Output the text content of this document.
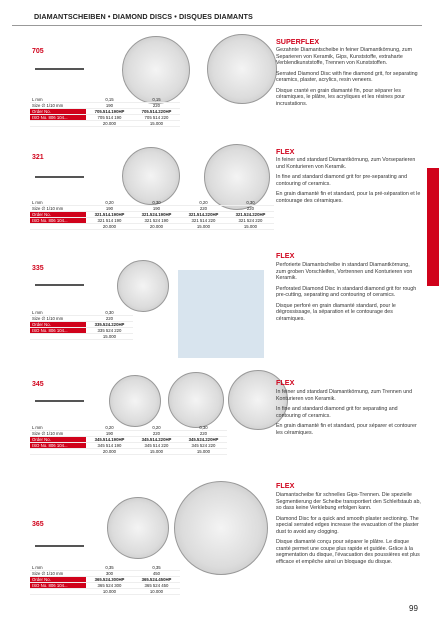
DIAMANTSCHEIBEN • DIAMOND DISCS • DISQUES DIAMANTS
705
L mm	0,15	0,15
Size ∅ 1/10 mm	190	220
Order No.	705.514.190HP	705.514.220HP
ISO No. 806 104...	705 514 190	705 514 220
20.000	15.000
SUPERFLEX

Gezahnte Diamantscheibe in feiner Diamantkörnung, zum Separieren von Keramik, Gips, Kunststoffe, extraharte Verblendkunststoffe, Trennen von Kunststoffen.

Serrated Diamond Disc with fine diamond grit, for separating ceramics, plaster, acrylics, resin veneers.

Disque cranté en grain diamanté fin, pour séparer les céramiques, le plâtre, les acryliques et les résines pour incrustations.

321
L mm	0,20	0,30	0,20	0,30
Size ∅ 1/10 mm	190	190	220	220
Order No.	321.514.190HP	321.524.190HP	321.514.220HP	321.524.220HP
ISO No. 806 104...	321 514 190	321 524 190	321 514 220	321 524 220
20.000	20.000	15.000	15.000
FLEX

In feiner und standard Diamantkörnung, zum Vorseparieren und Konturieren von Keramik.

In fine and standard diamond grit for pre-separating and contouring of ceramics.

En grain diamanté fin et standard, pour la pré-séparation et le contourage des céramiques.

335
L mm	0,30
Size ∅ 1/10 mm	220
Order No.	335.524.220HP
ISO No. 806 104...	335 524 220
15.000
FLEX

Perforierte Diamantscheibe in standard Diamantkörnung, zum groben Vorschleifen, Vortrennen und Konturieren von Keramik.

Perforated Diamond Disc in standard diamond grit for rough pre-cutting, separating and contouring of ceramics.

Disque perforé en grain diamanté standard, pour le dégrossissage, la séparation et le contourage des céramiques.

345
L mm	0,20	0,20	0,30
Size ∅ 1/10 mm	190	220	220
Order No.	345.514.190HP	345.514.220HP	345.524.220HP
ISO No. 806 104...	345 514 190	345 514 220	345 524 220
20.000	15.000	15.000
FLEX

In feiner und standard Diamantkörnung, zum Trennen und Konturieren von Keramik.

In fine and standard diamond grit for separating and contouring of ceramics.

En grain diamanté fin et standard, pour séparer et contourer les céramiques.

365
L mm	0,35	0,35
Size ∅ 1/10 mm	300	450
Order No.	365.524.300HP	365.524.450HP
ISO No. 806 104...	365 524 300	365 524 450
10.000	10.000
FLEX

Diamantscheibe für schnelles Gips-Trennen. Die spezielle Segmentierung der Scheibe transportiert den Schleifstaub ab, so dass keine Verklebung erfolgen kann.

Diamond Disc for a quick and smooth plaster sectioning. The special serrated edges increase the evacuation of the plaster dust to avoid any clogging.

Disque diamanté conçu pour séparer le plâtre. Le disque cranté permet une coupe plus rapide et guidée. Grâce à la segmentation du disque, l'évacuation des poussières est plus efficace et empêche ainsi un bloquage du disque.

99
